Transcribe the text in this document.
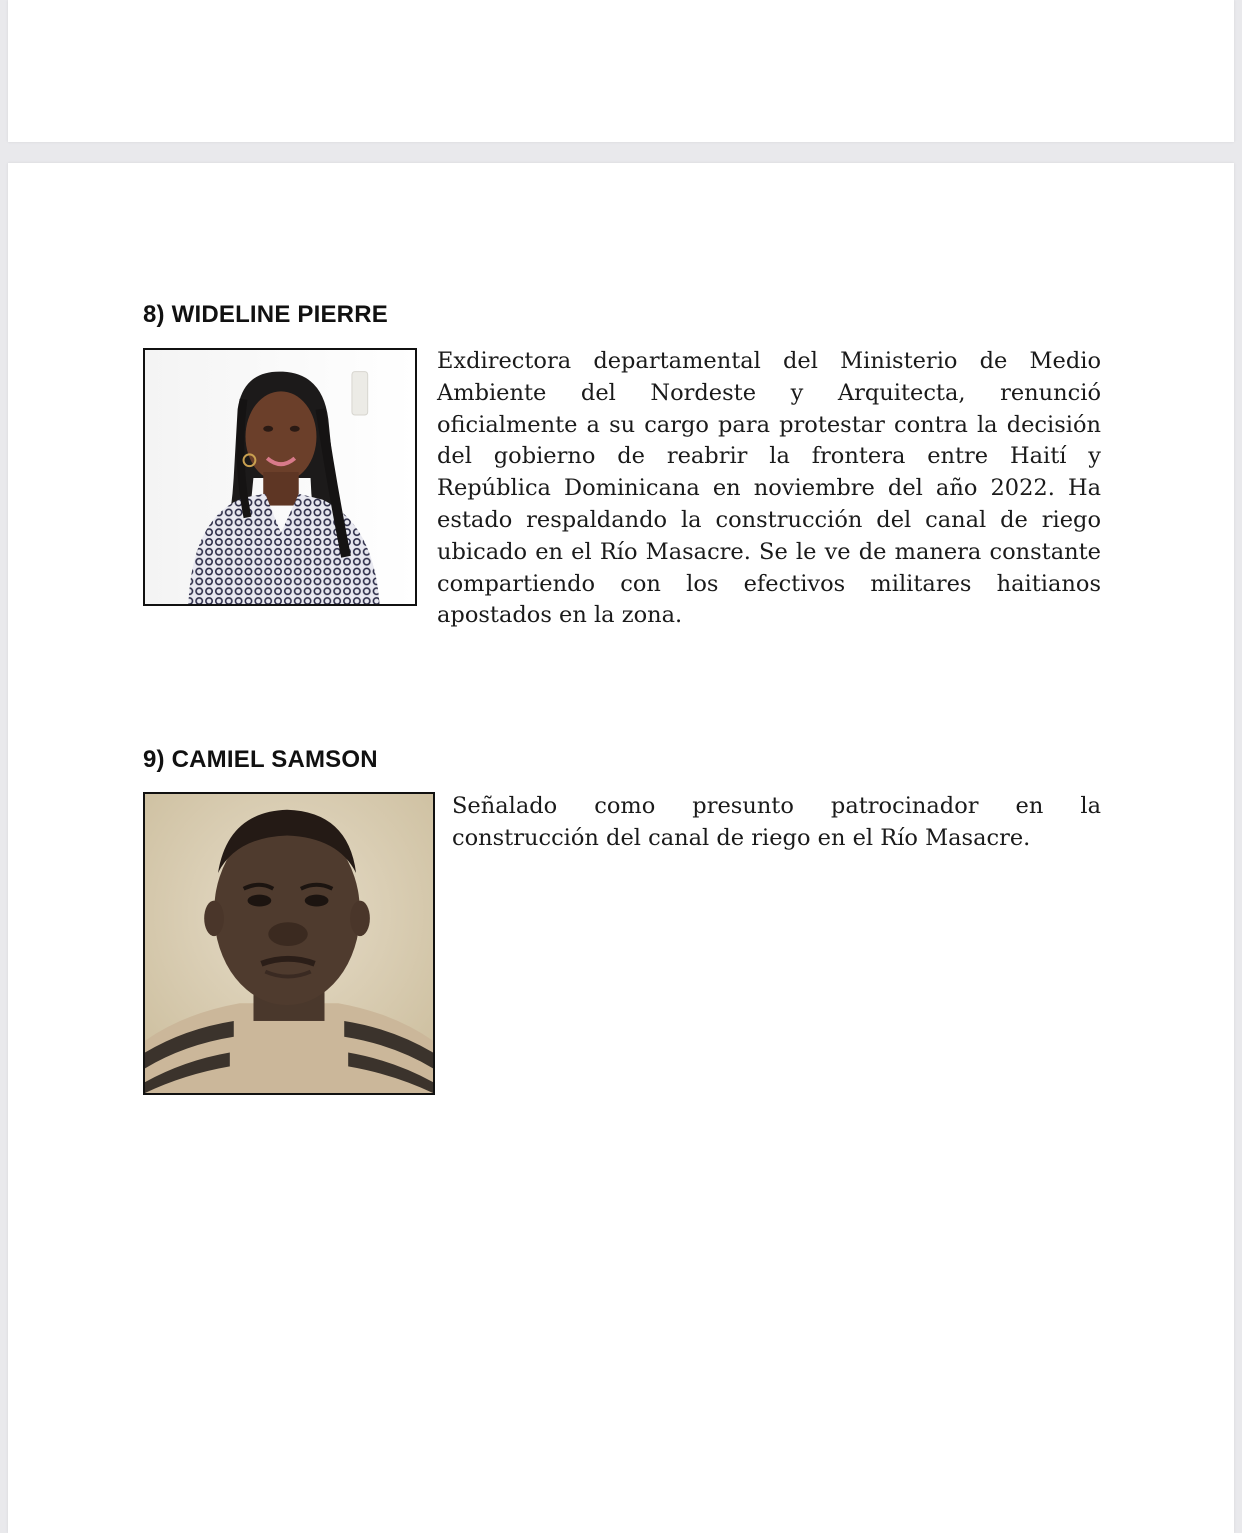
8) WIDELINE PIERRE

Exdirectora departamental del Ministerio de Medio Ambiente del Nordeste y Arquitecta, renunció oficialmente a su cargo para protestar contra la decisión del gobierno de reabrir la frontera entre Haití y República Dominicana en noviembre del año 2022. Ha estado respaldando la construcción del canal de riego ubicado en el Río Masacre. Se le ve de manera constante compartiendo con los efectivos militares haitianos apostados en la zona.

9) CAMIEL SAMSON

Señalado como presunto patrocinador en la construcción del canal de riego en el Río Masacre.
